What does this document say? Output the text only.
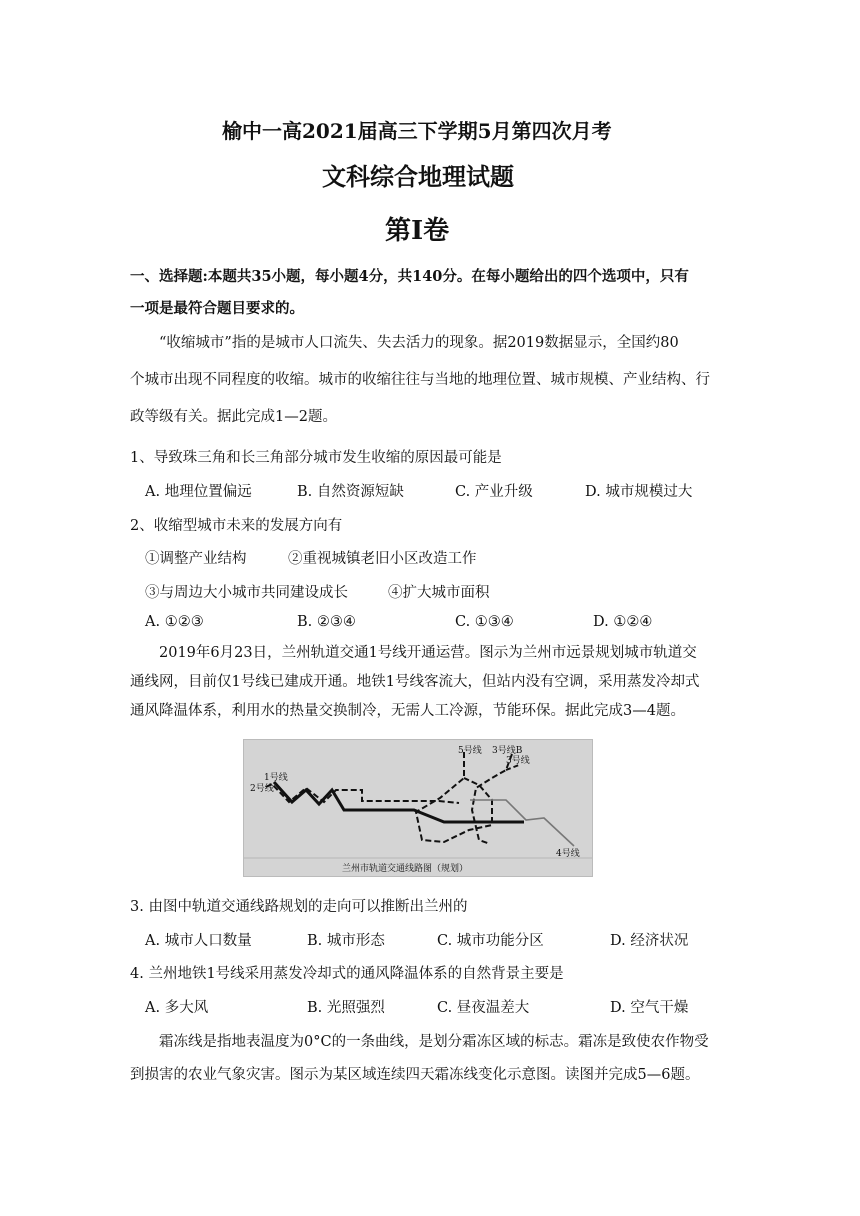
榆中一高2021届高三下学期5月第四次月考
文科综合地理试题
第Ⅰ卷
一、选择题:本题共35小题，每小题4分，共140分。在每小题给出的四个选项中，只有
一项是最符合题目要求的。
“收缩城市”指的是城市人口流失、失去活力的现象。据2019数据显示，全国约80
个城市出现不同程度的收缩。城市的收缩往往与当地的地理位置、城市规模、产业结构、行
政等级有关。据此完成1—2题。
1、导致珠三角和长三角部分城市发生收缩的原因最可能是
A. 地理位置偏远	B. 自然资源短缺	C. 产业升级	D. 城市规模过大
2、收缩型城市未来的发展方向有
①调整产业结构	②重视城镇老旧小区改造工作
③与周边大小城市共同建设成长	④扩大城市面积
A. ①②③	B. ②③④	C. ①③④	D. ①②④
2019年6月23日，兰州轨道交通1号线开通运营。图示为兰州市远景规划城市轨道交
通线网，目前仅1号线已建成开通。地铁1号线客流大，但站内没有空调，采用蒸发冷却式
通风降温体系，利用水的热量交换制冷，无需人工冷源，节能环保。据此完成3—4题。
1号线
2号线
5号线 3号线B
3号线
4号线
兰州市轨道交通线路图（规划）
3. 由图中轨道交通线路规划的走向可以推断出兰州的
A. 城市人口数量	B. 城市形态	C. 城市功能分区	D. 经济状况
4. 兰州地铁1号线采用蒸发冷却式的通风降温体系的自然背景主要是
A. 多大风	B. 光照强烈	C. 昼夜温差大	D. 空气干燥
霜冻线是指地表温度为0°C的一条曲线，是划分霜冻区域的标志。霜冻是致使农作物受
到损害的农业气象灾害。图示为某区域连续四天霜冻线变化示意图。读图并完成5—6题。
